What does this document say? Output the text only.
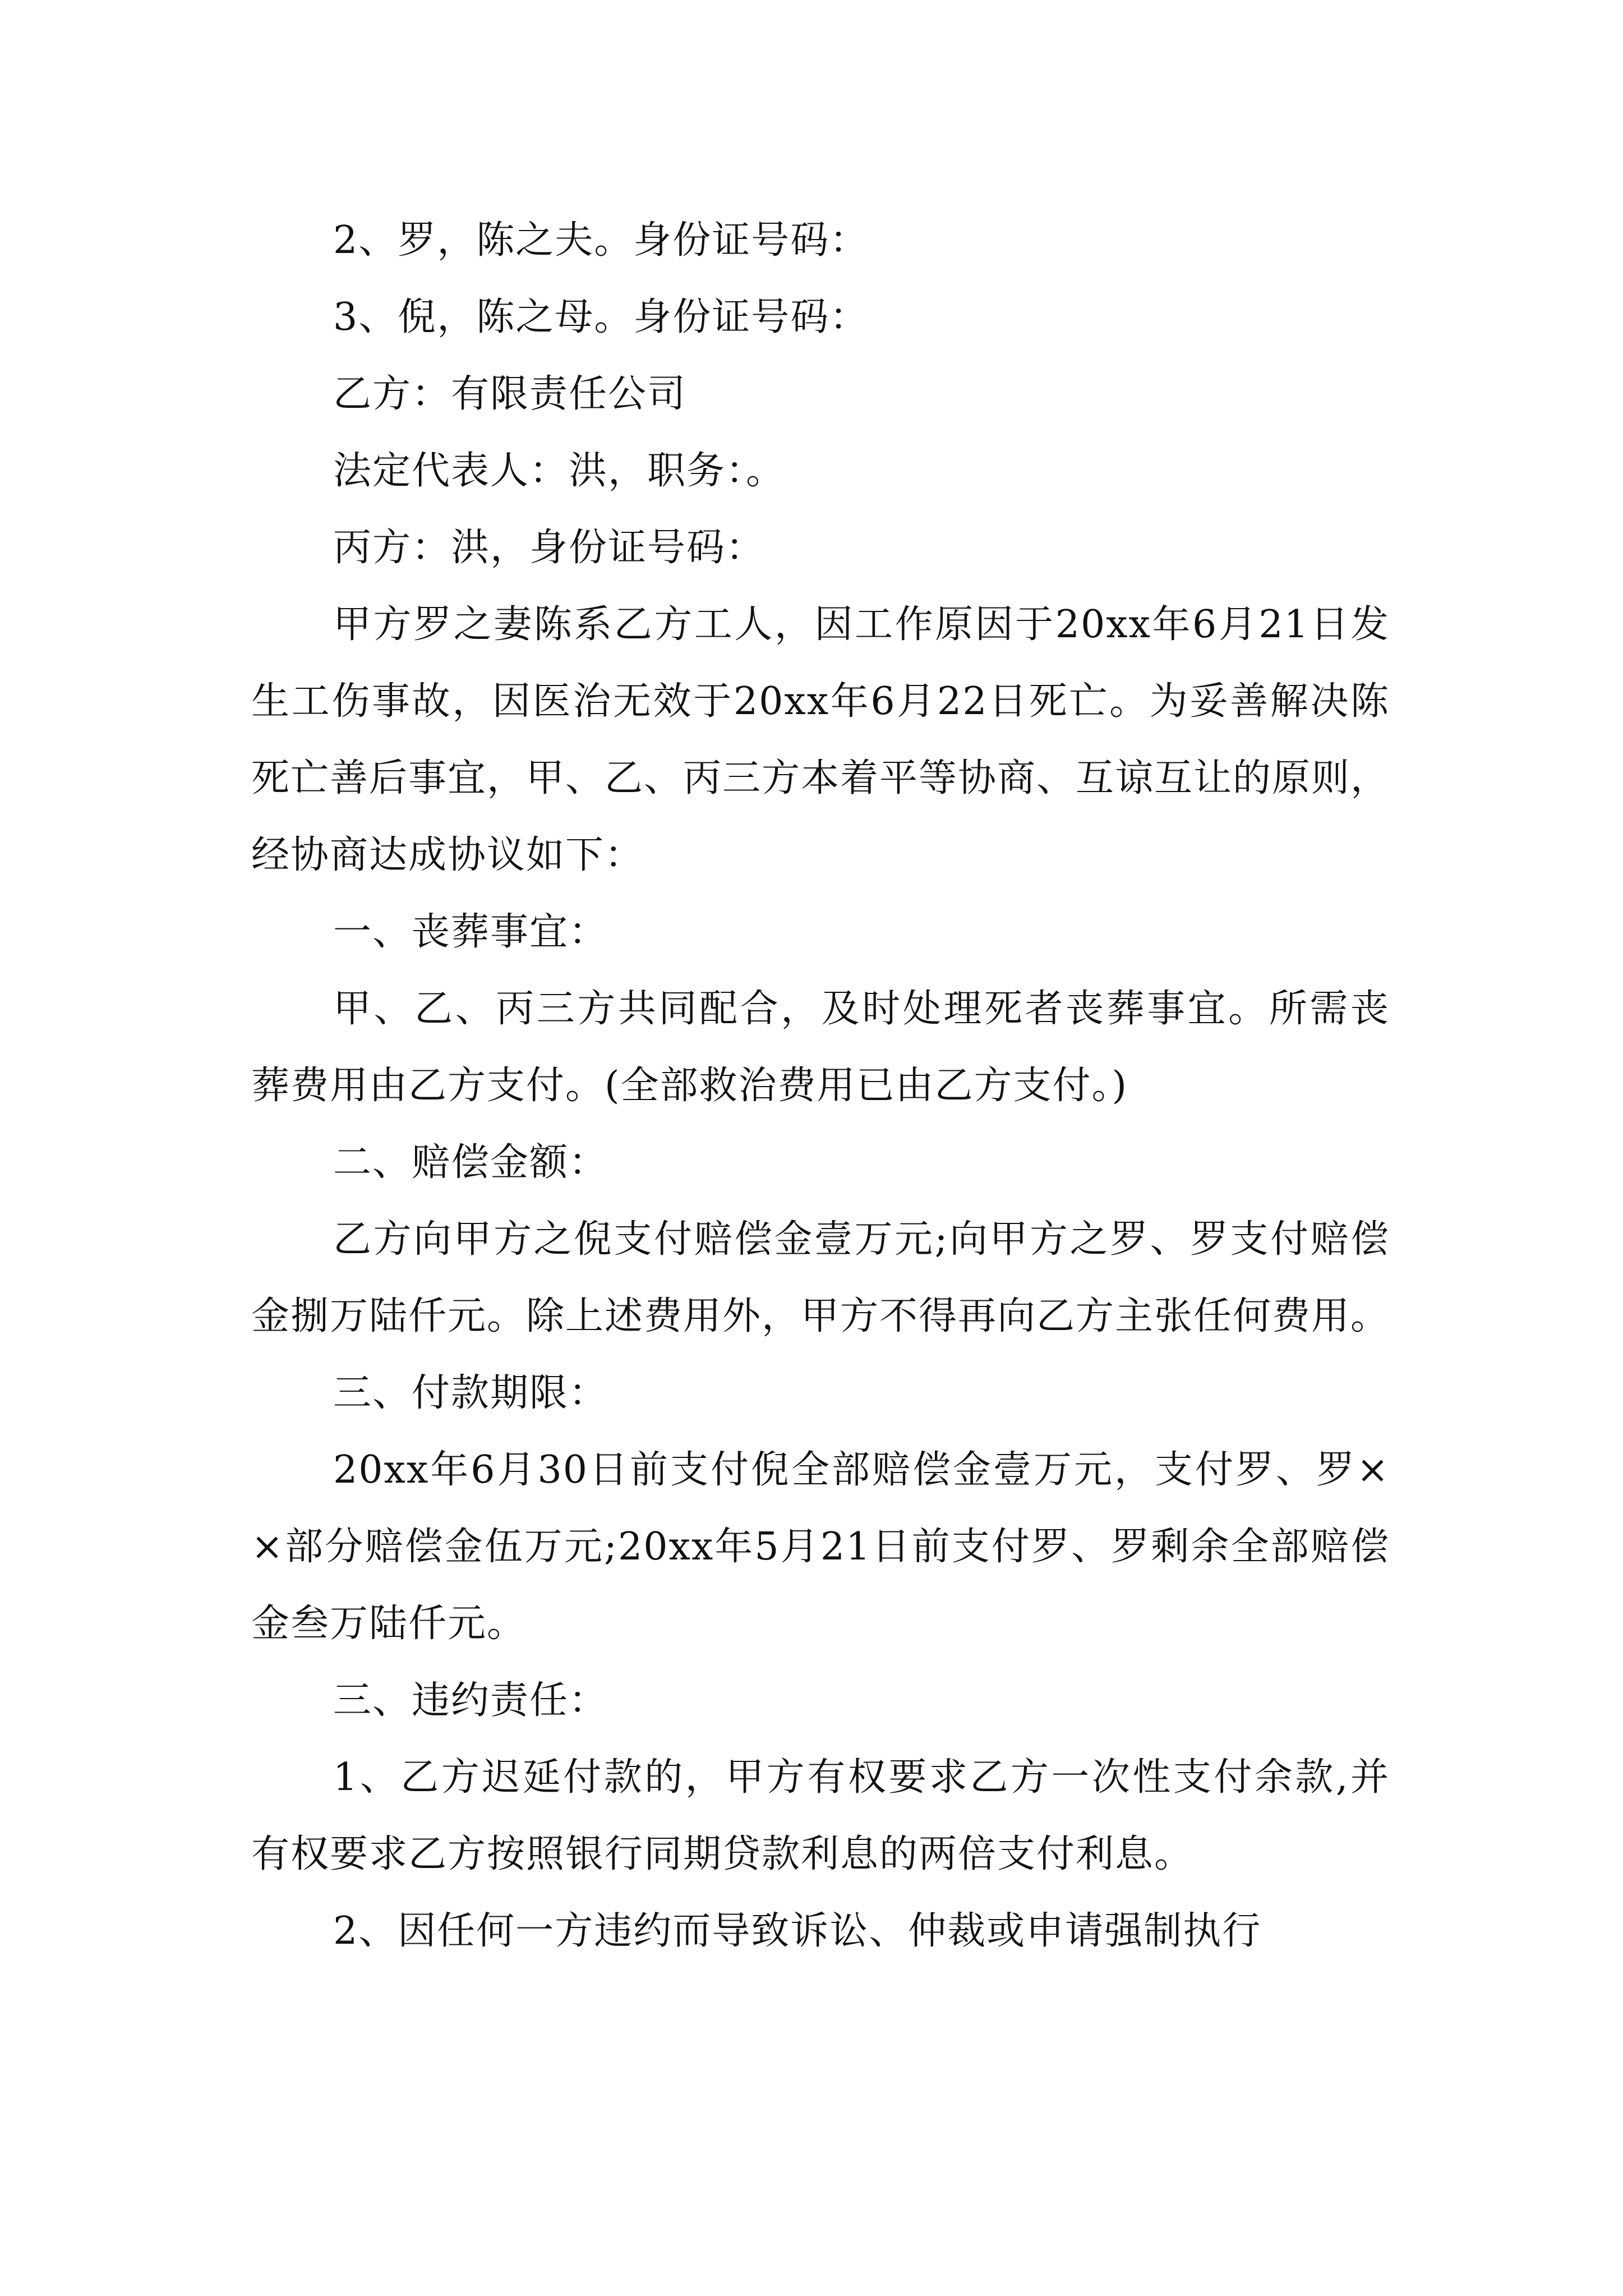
2、罗，陈之夫。身份证号码：

3、倪，陈之母。身份证号码：

乙方：有限责任公司

法定代表人：洪，职务：。

丙方：洪，身份证号码：

甲方罗之妻陈系乙方工人，因工作原因于20xx年6月21日发生工伤事故，因医治无效于20xx年6月22日死亡。为妥善解决陈死亡善后事宜，甲、乙、丙三方本着平等协商、互谅互让的原则，经协商达成协议如下：

一、丧葬事宜：

甲、乙、丙三方共同配合，及时处理死者丧葬事宜。所需丧葬费用由乙方支付。(全部救治费用已由乙方支付。)

二、赔偿金额：

乙方向甲方之倪支付赔偿金壹万元;向甲方之罗、罗支付赔偿金捌万陆仟元。除上述费用外，甲方不得再向乙方主张任何费用。

三、付款期限：

20xx年6月30日前支付倪全部赔偿金壹万元，支付罗、罗××部分赔偿金伍万元;20xx年5月21日前支付罗、罗剩余全部赔偿金叁万陆仟元。

三、违约责任：

1、乙方迟延付款的，甲方有权要求乙方一次性支付余款,并有权要求乙方按照银行同期贷款利息的两倍支付利息。

2、因任何一方违约而导致诉讼、仲裁或申请强制执行
